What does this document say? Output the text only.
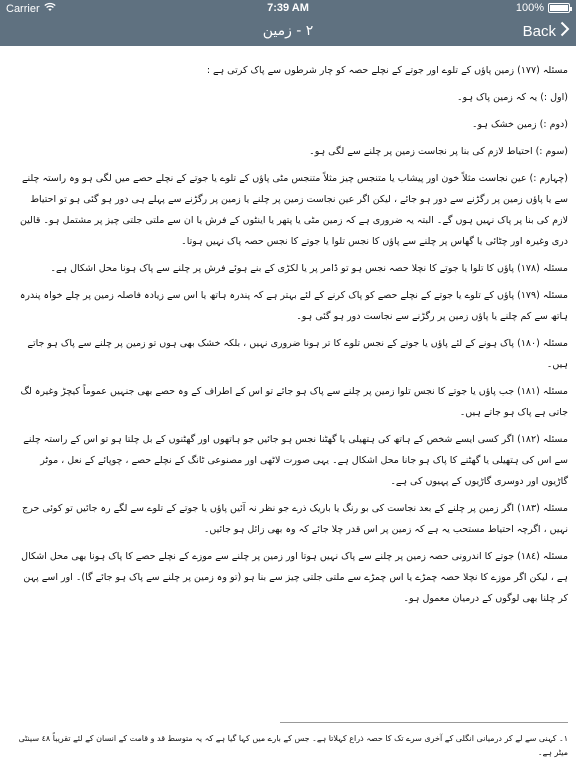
Carrier	7:39 AM	100%
٢ - زمین	Back

مسئلہ (١٧٧) زمین پاؤں کے تلوے اور جوتے کے نچلے حصہ کو چار شرطوں سے پاک کرتی ہے :

(اول :) یہ کہ زمین پاک ہو۔

(دوم :) زمین خشک ہو۔

(سوم :) احتیاط لازم کی بنا پر نجاست زمین پر چلنے سے لگی ہو۔

(چہارم :) عین نجاست مثلاً خون اور پیشاب یا متنجس چیز مثلاً متنجس مٹی پاؤں کے تلوے یا جوتے کے نچلے حصے میں لگی ہو وہ راستہ چلنے سے یا پاؤں زمین پر رگڑنے سے دور ہو جائے ، لیکن اگر عین نجاست زمین پر چلنے یا زمین پر رگڑنے سے پہلے ہی دور ہو گئی ہو تو احتیاط لازم کی بنا پر پاک نہیں ہوں گے۔ البتہ یہ ضروری ہے کہ زمین مٹی یا پتھر یا اینٹوں کے فرش یا ان سے ملتی جلتی چیز پر مشتمل ہو۔ قالین دری وغیرہ اور چٹائی یا گھاس پر چلنے سے پاؤں کا نجس تلوا یا جوتے کا نجس حصہ پاک نہیں ہوتا۔

مسئلہ (١٧٨) پاؤں کا تلوا یا جوتے کا نچلا حصہ نجس ہو تو ڈامر پر یا لکڑی کے بنے ہوئے فرش پر چلنے سے پاک ہونا محل اشکال ہے۔

مسئلہ (١٧٩) پاؤں کے تلوے یا جوتے کے نچلے حصے کو پاک کرنے کے لئے بہتر ہے کہ پندرہ ہاتھ یا اس سے زیادہ فاصلہ زمین پر چلے خواہ پندرہ ہاتھ سے کم چلنے یا پاؤں زمین پر رگڑنے سے نجاست دور ہو گئی ہو۔

مسئلہ (١٨٠) پاک ہونے کے لئے پاؤں یا جوتے کے نجس تلوے کا تر ہونا ضروری نہیں ، بلکہ خشک بھی ہوں تو زمین پر چلنے سے پاک ہو جاتے ہیں۔

مسئلہ (١٨١) جب پاؤں یا جوتے کا نجس تلوا زمین پر چلنے سے پاک ہو جائے تو اس کے اطراف کے وہ حصے بھی جنہیں عموماً کیچڑ وغیرہ لگ جاتی ہے پاک ہو جاتے ہیں۔

مسئلہ (١٨٢) اگر کسی ایسے شخص کے ہاتھ کی ہتھیلی یا گھٹنا نجس ہو جائیں جو ہاتھوں اور گھٹنوں کے بل چلتا ہو تو اس کے راستہ چلنے سے اس کی ہتھیلی یا گھٹنے کا پاک ہو جانا محل اشکال ہے۔ یہی صورت لاٹھی اور مصنوعی ٹانگ کے نچلے حصے ، چوپائے کے نعل ، موٹر گاڑیوں اور دوسری گاڑیوں کے پہیوں کی ہے۔

مسئلہ (١٨٣) اگر زمین پر چلنے کے بعد نجاست کی بو رنگ یا باریک ذرے جو نظر نہ آئیں پاؤں یا جوتے کے تلوے سے لگے رہ جائیں تو کوئی حرج نہیں ، اگرچہ احتیاط مستحب یہ ہے کہ زمین پر اس قدر چلا جائے کہ وہ بھی زائل ہو جائیں۔

مسئلہ (١٨٤) جوتے کا اندرونی حصہ زمین پر چلنے سے پاک نہیں ہوتا اور زمین پر چلنے سے موزے کے نچلے حصے کا پاک ہونا بھی محل اشکال ہے ، لیکن اگر موزے کا نچلا حصہ چمڑے یا اس چمڑے سے ملتی جلتی چیز سے بنا ہو (تو وہ زمین پر چلنے سے پاک ہو جائے گا)۔ اور اسے پہن کر چلنا بھی لوگوں کے درمیان معمول ہو۔

١۔ کہنی سے لے کر درمیانی انگلی کے آخری سرے تک کا حصہ ذراع کہلاتا ہے۔ جس کے بارے میں کہا گیا ہے کہ یہ متوسط قد و قامت کے انسان کے لئے تقریباً ٤٨ سینٹی میٹر ہے۔
